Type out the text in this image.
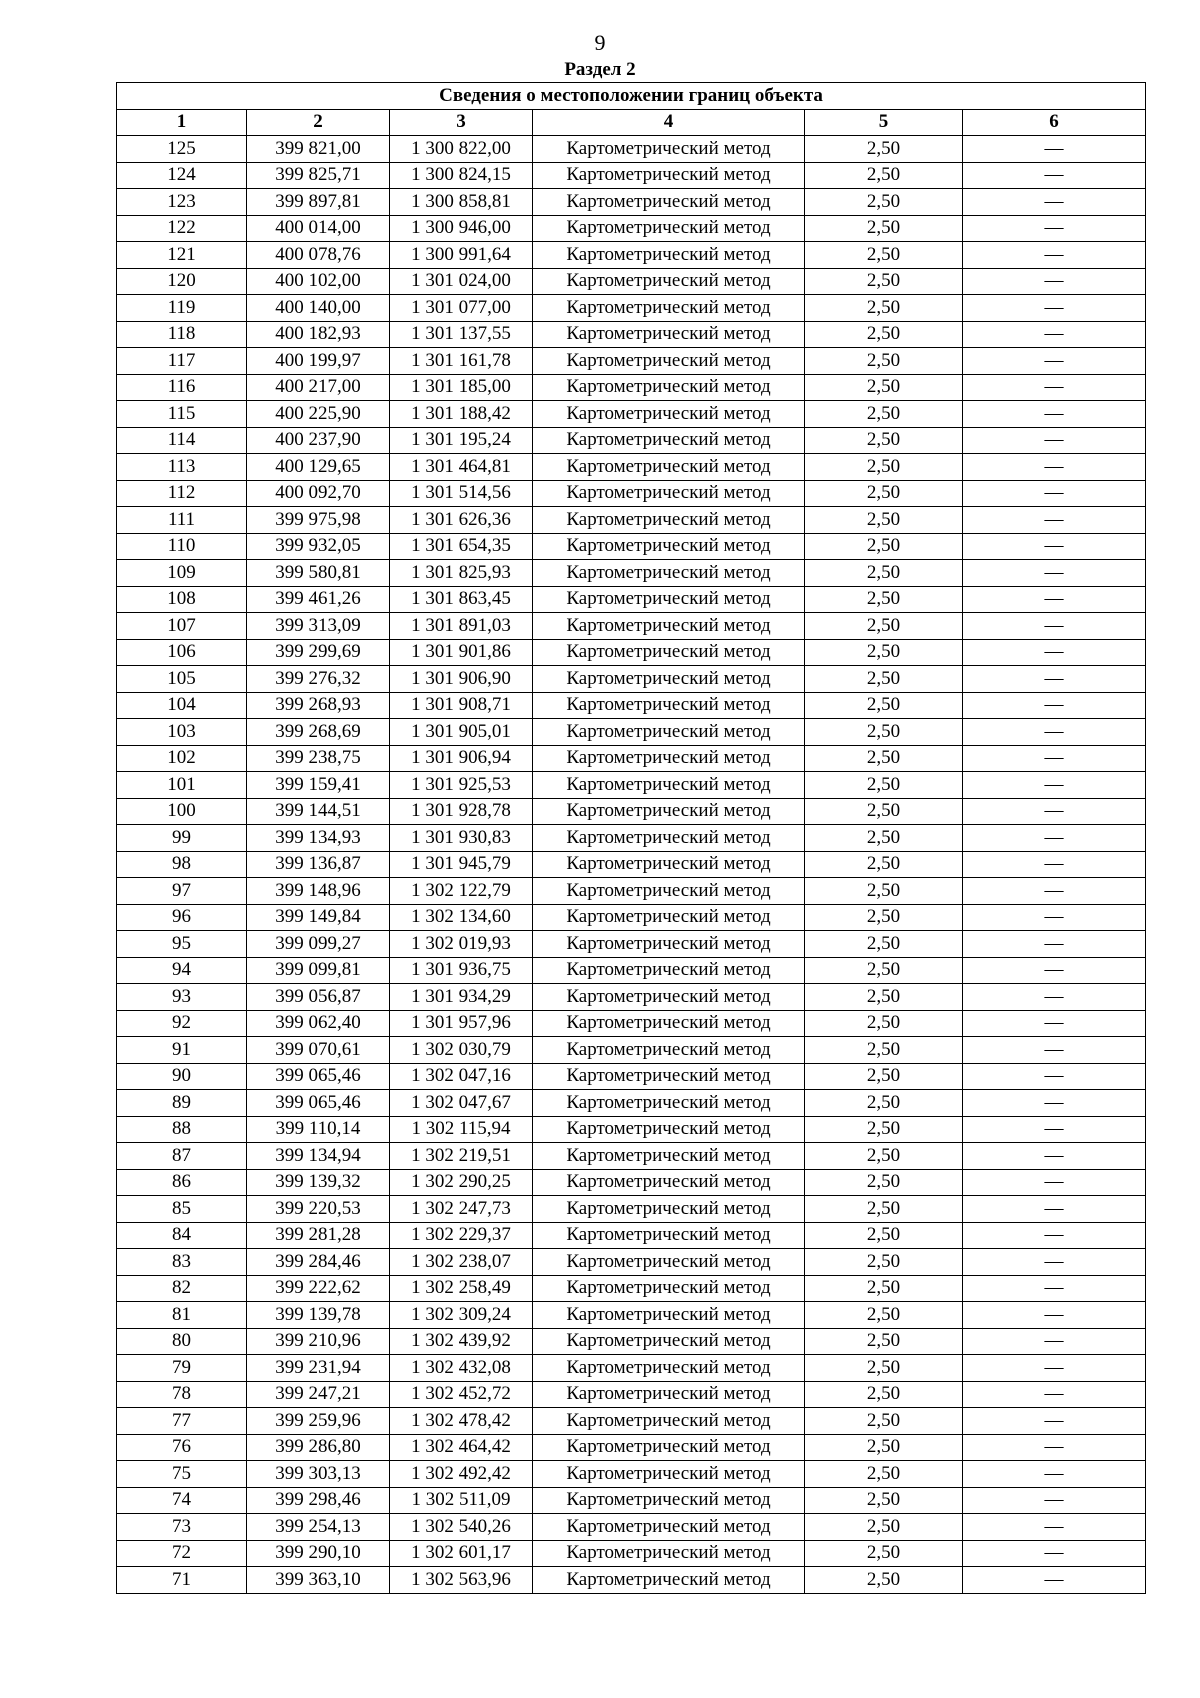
9
Раздел 2
Сведения о местоположении границ объекта					
1	2	3	4	5	6
125	399 821,00	1 300 822,00	Картометрический метод	2,50	—
124	399 825,71	1 300 824,15	Картометрический метод	2,50	—
123	399 897,81	1 300 858,81	Картометрический метод	2,50	—
122	400 014,00	1 300 946,00	Картометрический метод	2,50	—
121	400 078,76	1 300 991,64	Картометрический метод	2,50	—
120	400 102,00	1 301 024,00	Картометрический метод	2,50	—
119	400 140,00	1 301 077,00	Картометрический метод	2,50	—
118	400 182,93	1 301 137,55	Картометрический метод	2,50	—
117	400 199,97	1 301 161,78	Картометрический метод	2,50	—
116	400 217,00	1 301 185,00	Картометрический метод	2,50	—
115	400 225,90	1 301 188,42	Картометрический метод	2,50	—
114	400 237,90	1 301 195,24	Картометрический метод	2,50	—
113	400 129,65	1 301 464,81	Картометрический метод	2,50	—
112	400 092,70	1 301 514,56	Картометрический метод	2,50	—
111	399 975,98	1 301 626,36	Картометрический метод	2,50	—
110	399 932,05	1 301 654,35	Картометрический метод	2,50	—
109	399 580,81	1 301 825,93	Картометрический метод	2,50	—
108	399 461,26	1 301 863,45	Картометрический метод	2,50	—
107	399 313,09	1 301 891,03	Картометрический метод	2,50	—
106	399 299,69	1 301 901,86	Картометрический метод	2,50	—
105	399 276,32	1 301 906,90	Картометрический метод	2,50	—
104	399 268,93	1 301 908,71	Картометрический метод	2,50	—
103	399 268,69	1 301 905,01	Картометрический метод	2,50	—
102	399 238,75	1 301 906,94	Картометрический метод	2,50	—
101	399 159,41	1 301 925,53	Картометрический метод	2,50	—
100	399 144,51	1 301 928,78	Картометрический метод	2,50	—
99	399 134,93	1 301 930,83	Картометрический метод	2,50	—
98	399 136,87	1 301 945,79	Картометрический метод	2,50	—
97	399 148,96	1 302 122,79	Картометрический метод	2,50	—
96	399 149,84	1 302 134,60	Картометрический метод	2,50	—
95	399 099,27	1 302 019,93	Картометрический метод	2,50	—
94	399 099,81	1 301 936,75	Картометрический метод	2,50	—
93	399 056,87	1 301 934,29	Картометрический метод	2,50	—
92	399 062,40	1 301 957,96	Картометрический метод	2,50	—
91	399 070,61	1 302 030,79	Картометрический метод	2,50	—
90	399 065,46	1 302 047,16	Картометрический метод	2,50	—
89	399 065,46	1 302 047,67	Картометрический метод	2,50	—
88	399 110,14	1 302 115,94	Картометрический метод	2,50	—
87	399 134,94	1 302 219,51	Картометрический метод	2,50	—
86	399 139,32	1 302 290,25	Картометрический метод	2,50	—
85	399 220,53	1 302 247,73	Картометрический метод	2,50	—
84	399 281,28	1 302 229,37	Картометрический метод	2,50	—
83	399 284,46	1 302 238,07	Картометрический метод	2,50	—
82	399 222,62	1 302 258,49	Картометрический метод	2,50	—
81	399 139,78	1 302 309,24	Картометрический метод	2,50	—
80	399 210,96	1 302 439,92	Картометрический метод	2,50	—
79	399 231,94	1 302 432,08	Картометрический метод	2,50	—
78	399 247,21	1 302 452,72	Картометрический метод	2,50	—
77	399 259,96	1 302 478,42	Картометрический метод	2,50	—
76	399 286,80	1 302 464,42	Картометрический метод	2,50	—
75	399 303,13	1 302 492,42	Картометрический метод	2,50	—
74	399 298,46	1 302 511,09	Картометрический метод	2,50	—
73	399 254,13	1 302 540,26	Картометрический метод	2,50	—
72	399 290,10	1 302 601,17	Картометрический метод	2,50	—
71	399 363,10	1 302 563,96	Картометрический метод	2,50	—
